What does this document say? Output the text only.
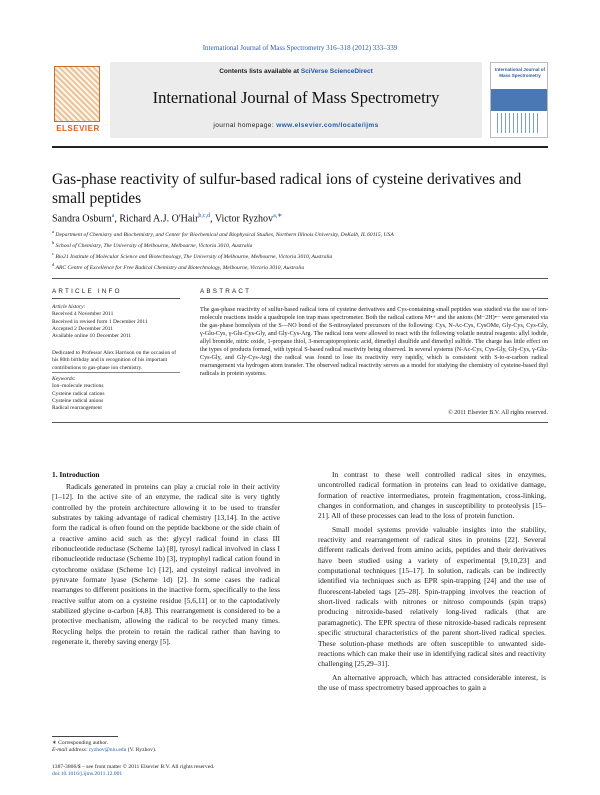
International Journal of Mass Spectrometry 316–318 (2012) 333–339
ELSEVIER
Contents lists available at SciVerse ScienceDirect
International Journal of Mass Spectrometry
journal homepage: www.elsevier.com/locate/ijms
International Journal of Mass Spectrometry
Gas-phase reactivity of sulfur-based radical ions of cysteine derivatives and
small peptides
Sandra Osburn$^a$, Richard A.J. O'Hair$^{b,c,d}$, Victor Ryzhov$^{a,∗}$
$^a$ Department of Chemistry and Biochemistry, and Center for Biochemical and Biophysical Studies, Northern Illinois University, DeKalb, IL 60115, USA
$^b$ School of Chemistry, The University of Melbourne, Melbourne, Victoria 3010, Australia
$^c$ Bio21 Institute of Molecular Science and Biotechnology, The University of Melbourne, Melbourne, Victoria 3010, Australia
$^d$ ARC Centre of Excellence for Free Radical Chemistry and Biotechnology, Melbourne, Victoria 3010, Australia
ARTICLE INFO	ABSTRACT
Article history:
Received 4 November 2011
Received in revised form 1 December 2011
Accepted 2 December 2011
Available online 10 December 2011
Dedicated to Professor Alex Harrison on the occasion of his 80th birthday and in recognition of his important contributions to gas-phase ion chemistry.
Keywords:
Ion–molecule reactions
Cysteine radical cations
Cysteine radical anions
Radical rearrangement
The gas-phase reactivity of sulfur-based radical ions of cysteine derivatives and Cys-containing small peptides was studied via the use of ion-molecule reactions inside a quadrupole ion trap mass spectrometer. Both the radical cations M•+ and the anions (M−2H)•− were generated via the gas-phase homolysis of the S—NO bond of the S-nitrosylated precursors of the following: Cys, N-Ac-Cys, CysOMe, Gly-Cys, Cys-Gly, γ-Glu-Cys, γ-Glu-Cys-Gly, and Gly-Cys-Arg. The radical ions were allowed to react with the following volatile neutral reagents: allyl iodide, allyl bromide, nitric oxide, 1-propane thiol, 3-mercaptopropionic acid, dimethyl disulfide and dimethyl sulfide. The charge has little effect on the types of products formed, with typical S-based radical reactivity being observed. In several systems (N-Ac-Cys, Cys-Gly, Gly-Cys, γ-Glu-Cys-Gly, and Gly-Cys-Arg) the radical was found to lose its reactivity very rapidly, which is consistent with S-to-α-carbon radical rearrangement via hydrogen atom transfer. The observed radical reactivity serves as a model for studying the chemistry of cysteine-based thyl radicals in protein systems.
© 2011 Elsevier B.V. All rights reserved.
1. Introduction

Radicals generated in proteins can play a crucial role in their activity [1–12]. In the active site of an enzyme, the radical site is very tightly controlled by the protein architecture allowing it to be used to transfer substrates by taking advantage of radical chemistry [13,14]. In the active form the radical is often found on the peptide backbone or the side chain of a reactive amino acid such as the: glycyl radical found in class III ribonucleotide reductase (Scheme 1a) [8], tyrosyl radical involved in class I ribonucleotide reductase (Scheme 1b) [3], tryptophyl radical cation found in cytochrome oxidase (Scheme 1c) [12], and cysteinyl radical involved in pyruvate formate lyase (Scheme 1d) [2]. In some cases the radical rearranges to different positions in the inactive form, specifically to the less reactive sulfur atom on a cysteine residue [5,6,11] or to the captodatively stabilized glycine α-carbon [4,8]. This rearrangement is considered to be a protective mechanism, allowing the radical to be recycled many times. Recycling helps the protein to retain the radical rather than having to regenerate it, thereby saving energy [5].

In contrast to these well controlled radical sites in enzymes, uncontrolled radical formation in proteins can lead to oxidative damage, formation of reactive intermediates, protein fragmentation, cross-linking, changes in conformation, and changes in susceptibility to proteolysis [15–21]. All of these processes can lead to the loss of protein function.

Small model systems provide valuable insights into the stability, reactivity and rearrangement of radical sites in proteins [22]. Several different radicals derived from amino acids, peptides and their derivatives have been studied using a variety of experimental [9,10,23] and computational techniques [15–17]. In solution, radicals can be indirectly identified via techniques such as EPR spin-trapping [24] and the use of fluorescent-labeled tags [25–28]. Spin-trapping involves the reaction of short-lived radicals with nitrones or nitroso compounds (spin traps) producing nitroxide-based relatively long-lived radicals (that are paramagnetic). The EPR spectra of these nitroxide-based radicals represent specific structural characteristics of the parent short-lived radical species. These solution-phase methods are often susceptible to unwanted side-reactions which can make their use in identifying radical sites and reactivity challenging [25,29–31].

An alternative approach, which has attracted considerable interest, is the use of mass spectrometry based approaches to gain a

∗ Corresponding author.
E-mail address: ryzhov@niu.edu (V. Ryzhov).
1387-3806/$ – see front matter © 2011 Elsevier B.V. All rights reserved.
doi:10.1016/j.ijms.2011.12.001
